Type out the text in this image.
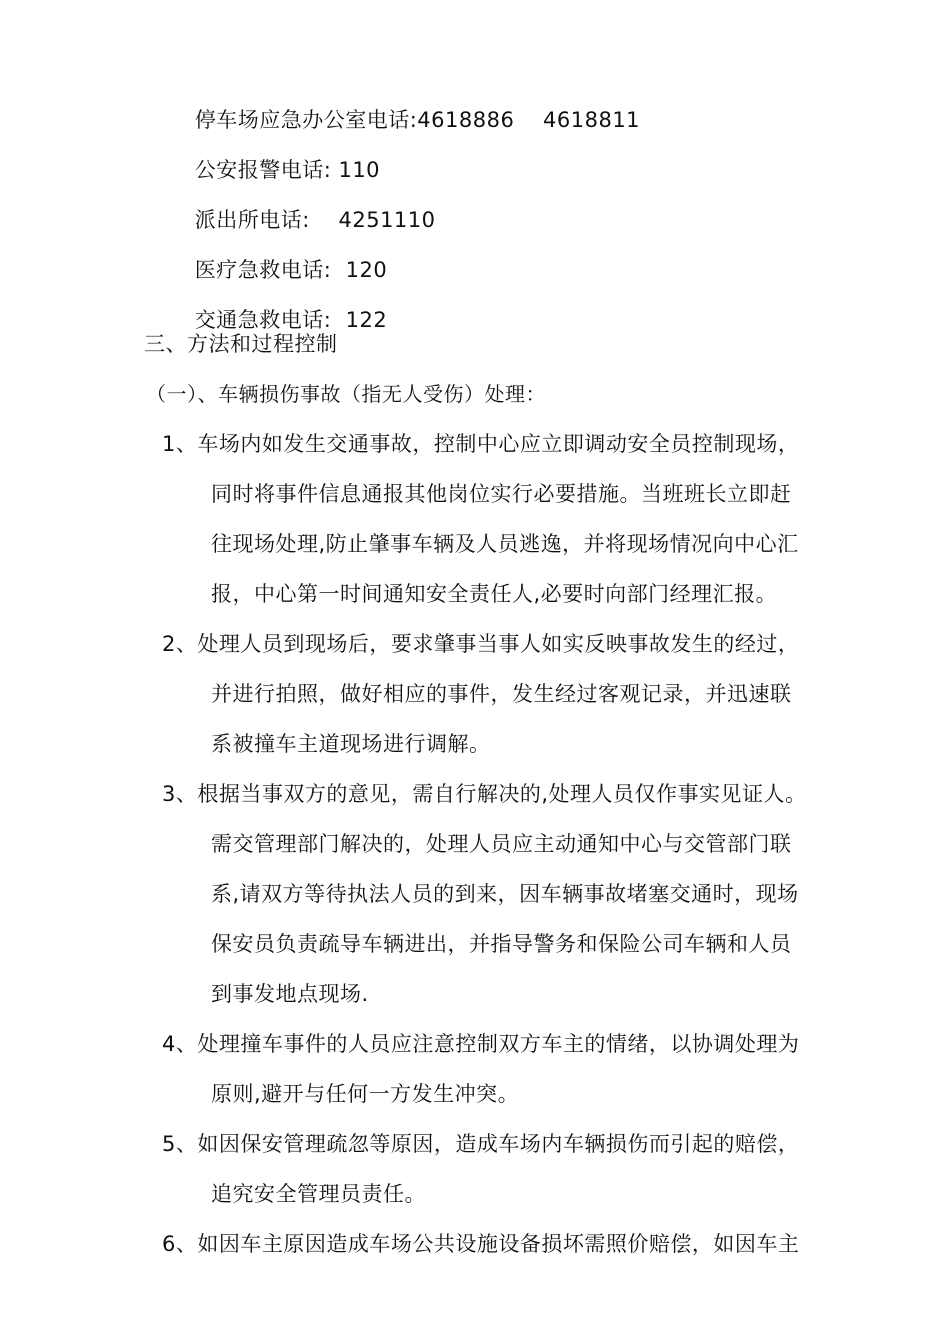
停车场应急办公室电话:4618886    4618811

公安报警电话: 110

派出所电话:    4251110

医疗急救电话:  120

交通急救电话:  122

三、方法和过程控制
（一）、车辆损伤事故（指无人受伤）处理：
1、车场内如发生交通事故，控制中心应立即调动安全员控制现场，
同时将事件信息通报其他岗位实行必要措施。当班班长立即赶
往现场处理,防止肇事车辆及人员逃逸，并将现场情况向中心汇
报，中心第一时间通知安全责任人,必要时向部门经理汇报。
2、处理人员到现场后，要求肇事当事人如实反映事故发生的经过，
并进行拍照，做好相应的事件，发生经过客观记录，并迅速联
系被撞车主道现场进行调解。
3、根据当事双方的意见，需自行解决的,处理人员仅作事实见证人。
需交管理部门解决的，处理人员应主动通知中心与交管部门联
系,请双方等待执法人员的到来，因车辆事故堵塞交通时，现场
保安员负责疏导车辆进出，并指导警务和保险公司车辆和人员
到事发地点现场.
4、处理撞车事件的人员应注意控制双方车主的情绪，以协调处理为
原则,避开与任何一方发生冲突。
5、如因保安管理疏忽等原因，造成车场内车辆损伤而引起的赔偿，
追究安全管理员责任。
6、如因车主原因造成车场公共设施设备损坏需照价赔偿，如因车主
